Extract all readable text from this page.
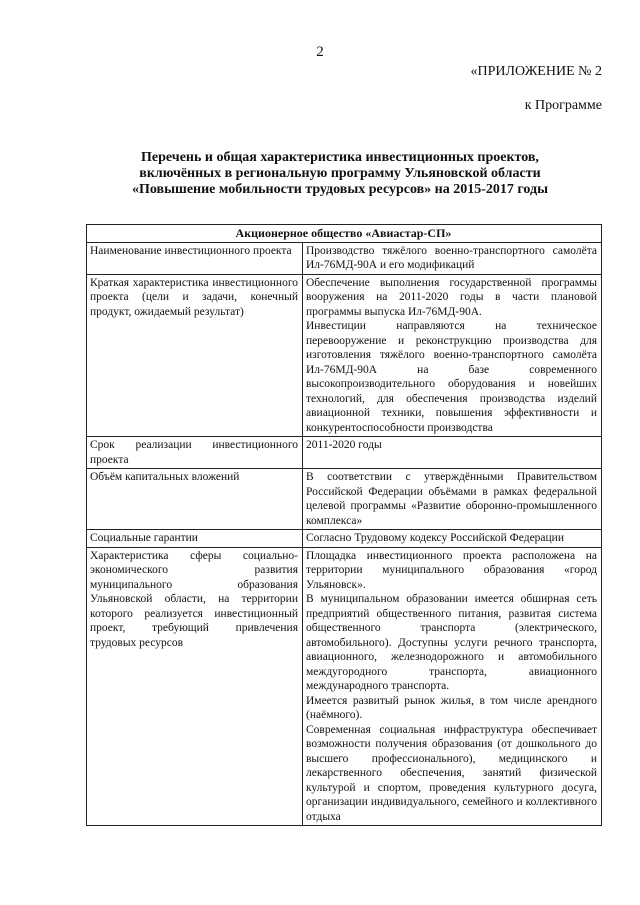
2
«ПРИЛОЖЕНИЕ № 2
к Программе
Перечень и общая характеристика инвестиционных проектов,
включённых в региональную программу Ульяновской области
«Повышение мобильности трудовых ресурсов» на 2015-2017 годы
Акционерное общество «Авиастар-СП»	
Наименование инвестиционного проекта	Производство тяжёлого военно-транспортного самолёта Ил-76МД-90А и его модификаций

Краткая характеристика инвестиционного проекта (цели и задачи, конечный продукт, ожидаемый результат)	Обеспечение выполнения государственной программы вооружения на 2011-2020 годы в части плановой программы выпуска Ил-76МД-90А.
Инвестиции направляются на техническое перевооружение и реконструкцию производства для изготовления тяжёлого военно-транспортного самолёта Ил-76МД-90А на базе современного высокопроизводительного оборудования и новейших технологий, для обеспечения производства изделий авиационной техники, повышения эффективности и конкурентоспособности производства

Срок реализации инвестиционного проекта	2011-2020 годы

Объём капитальных вложений	В соответствии с утверждёнными Правительством Российской Федерации объёмами в рамках федеральной целевой программы «Развитие оборонно-промышленного комплекса»

Социальные гарантии	Согласно Трудовому кодексу Российской Федерации

Характеристика сферы социально-экономического развития муниципального образования Ульяновской области, на территории которого реализуется инвестиционный проект, требующий привлечения трудовых ресурсов	Площадка инвестиционного проекта расположена на территории муниципального образования «город Ульяновск».
В муниципальном образовании имеется обширная сеть предприятий общественного питания, развитая система общественного транспорта (электрического, автомобильного). Доступны услуги речного транспорта, авиационного, железнодорожного и автомобильного междугородного транспорта, авиационного международного транспорта.
Имеется развитый рынок жилья, в том числе арендного (наёмного).
Современная социальная инфраструктура обеспечивает возможности получения образования (от дошкольного до высшего профессионального), медицинского и лекарственного обеспечения, занятий физической культурой и спортом, проведения культурного досуга, организации индивидуального, семейного и коллективного отдыха
